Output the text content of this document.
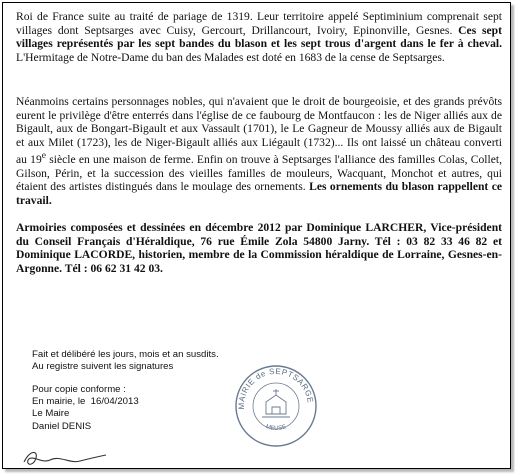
Roi de France suite au traité de pariage de 1319. Leur territoire appelé Septiminium comprenait sept villages dont Septsarges avec Cuisy, Gercourt, Drillancourt, Ivoiry, Epinonville, Gesnes. Ces sept villages représentés par les sept bandes du blason et les sept trous d'argent dans le fer à cheval. L'Hermitage de Notre-Dame du ban des Malades est doté en 1683 de la cense de Septsarges.

Néanmoins certains personnages nobles, qui n'avaient que le droit de bourgeoisie, et des grands prévôts eurent le privilège d'être enterrés dans l'église de ce faubourg de Montfaucon : les de Niger alliés aux de Bigault, aux de Bongart-Bigault et aux Vassault (1701), le Le Gagneur de Moussy alliés aux de Bigault et aux Milet (1723), les de Niger-Bigault alliés aux Liégault (1732)... Ils ont laissé un château converti au 19e siècle en une maison de ferme. Enfin on trouve à Septsarges l'alliance des familles Colas, Collet, Gilson, Périn, et la succession des vieilles familles de mouleurs, Wacquant, Monchot et autres, qui étaient des artistes distingués dans le moulage des ornements. Les ornements du blason rappellent ce travail.

Armoiries composées et dessinées en décembre 2012 par Dominique LARCHER, Vice-président du Conseil Français d'Héraldique, 76 rue Émile Zola 54800 Jarny. Tél : 03 82 33 46 82 et Dominique LACORDE, historien, membre de la Commission héraldique de Lorraine, Gesnes-en-Argonne. Tél : 06 62 31 42 03.

Fait et délibéré les jours, mois et an susdits.
Au registre suivent les signatures
Pour copie conforme :
En mairie, le 16/04/2013
Le Maire
Daniel DENIS
MAIRIE de SEPTSARGE
MEUSE
